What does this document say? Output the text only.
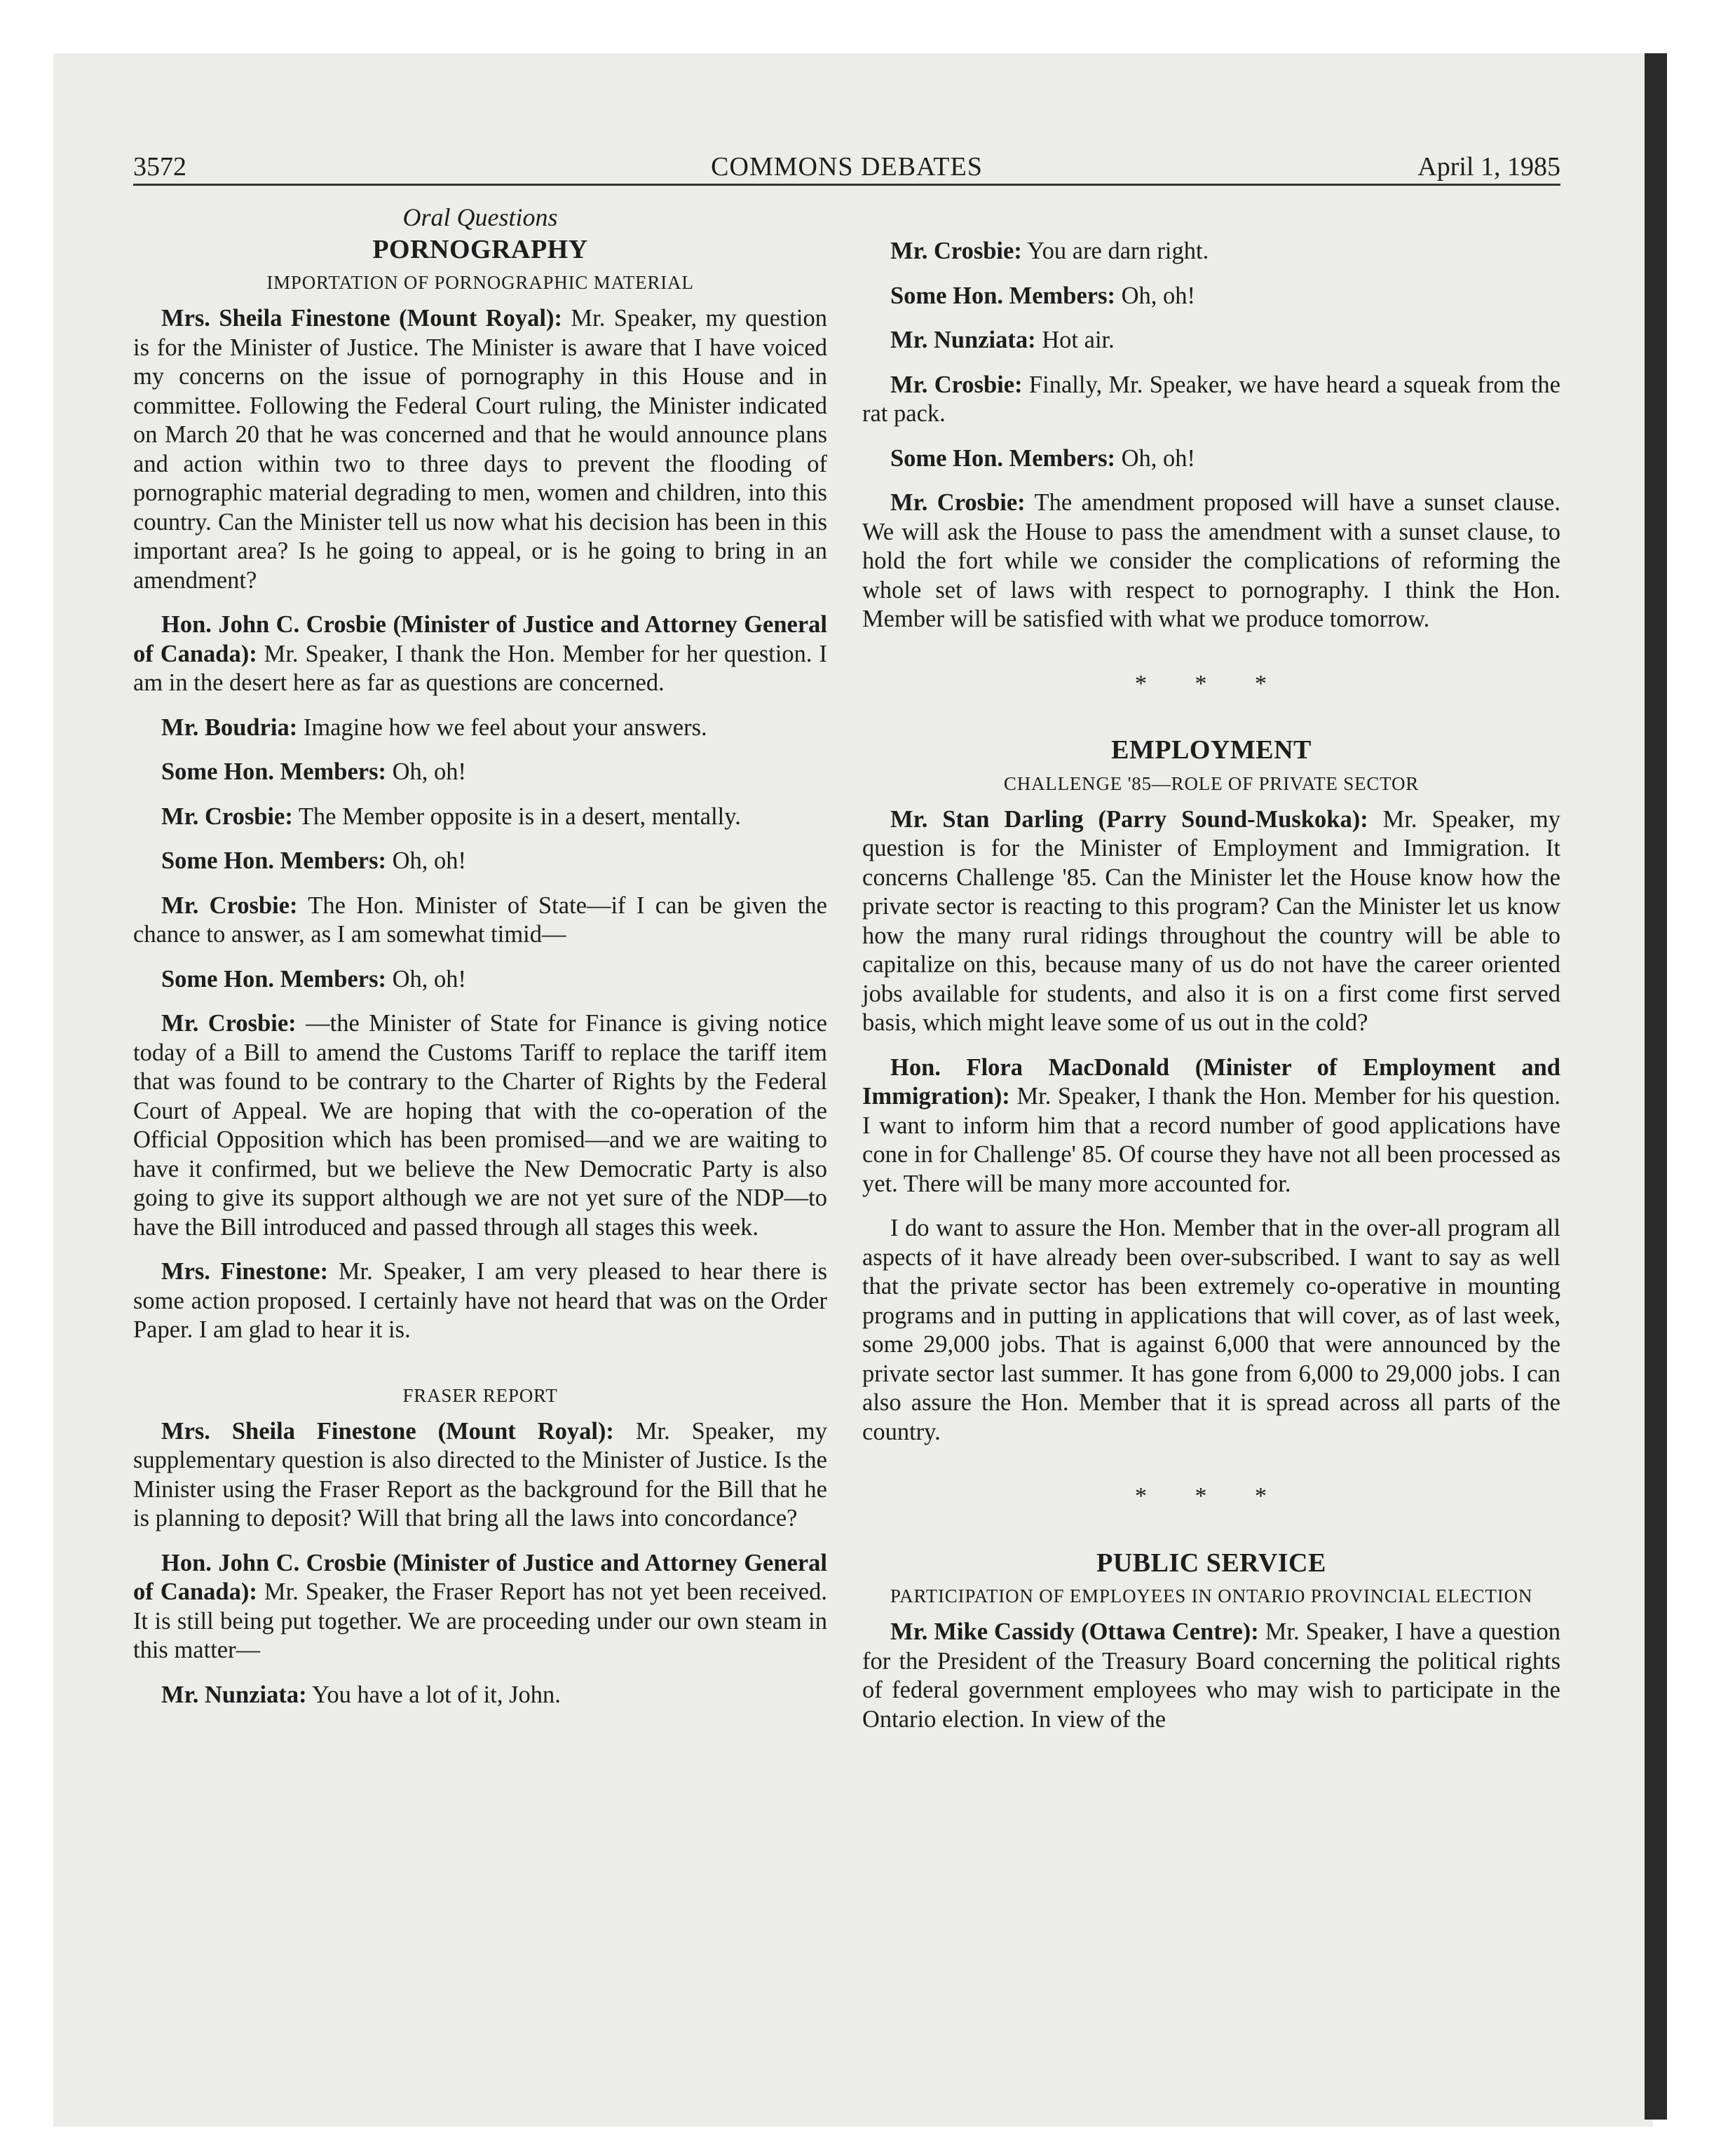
3572	COMMONS DEBATES	April 1, 1985
Oral Questions
PORNOGRAPHY
IMPORTATION OF PORNOGRAPHIC MATERIAL

Mrs. Sheila Finestone (Mount Royal): Mr. Speaker, my question is for the Minister of Justice. The Minister is aware that I have voiced my concerns on the issue of pornography in this House and in committee. Following the Federal Court ruling, the Minister indicated on March 20 that he was concerned and that he would announce plans and action within two to three days to prevent the flooding of pornographic material degrading to men, women and children, into this country. Can the Minister tell us now what his decision has been in this important area? Is he going to appeal, or is he going to bring in an amendment?

Hon. John C. Crosbie (Minister of Justice and Attorney General of Canada): Mr. Speaker, I thank the Hon. Member for her question. I am in the desert here as far as questions are concerned.

Mr. Boudria: Imagine how we feel about your answers.

Some Hon. Members: Oh, oh!

Mr. Crosbie: The Member opposite is in a desert, mentally.

Some Hon. Members: Oh, oh!

Mr. Crosbie: The Hon. Minister of State—if I can be given the chance to answer, as I am somewhat timid—

Some Hon. Members: Oh, oh!

Mr. Crosbie: —the Minister of State for Finance is giving notice today of a Bill to amend the Customs Tariff to replace the tariff item that was found to be contrary to the Charter of Rights by the Federal Court of Appeal. We are hoping that with the co-operation of the Official Opposition which has been promised—and we are waiting to have it confirmed, but we believe the New Democratic Party is also going to give its support although we are not yet sure of the NDP—to have the Bill introduced and passed through all stages this week.

Mrs. Finestone: Mr. Speaker, I am very pleased to hear there is some action proposed. I certainly have not heard that was on the Order Paper. I am glad to hear it is.

FRASER REPORT

Mrs. Sheila Finestone (Mount Royal): Mr. Speaker, my supplementary question is also directed to the Minister of Justice. Is the Minister using the Fraser Report as the background for the Bill that he is planning to deposit? Will that bring all the laws into concordance?

Hon. John C. Crosbie (Minister of Justice and Attorney General of Canada): Mr. Speaker, the Fraser Report has not yet been received. It is still being put together. We are proceeding under our own steam in this matter—

Mr. Nunziata: You have a lot of it, John.

Mr. Crosbie: You are darn right.

Some Hon. Members: Oh, oh!

Mr. Nunziata: Hot air.

Mr. Crosbie: Finally, Mr. Speaker, we have heard a squeak from the rat pack.

Some Hon. Members: Oh, oh!

Mr. Crosbie: The amendment proposed will have a sunset clause. We will ask the House to pass the amendment with a sunset clause, to hold the fort while we consider the complications of reforming the whole set of laws with respect to pornography. I think the Hon. Member will be satisfied with what we produce tomorrow.

* * *
EMPLOYMENT
CHALLENGE '85—ROLE OF PRIVATE SECTOR

Mr. Stan Darling (Parry Sound-Muskoka): Mr. Speaker, my question is for the Minister of Employment and Immigration. It concerns Challenge '85. Can the Minister let the House know how the private sector is reacting to this program? Can the Minister let us know how the many rural ridings throughout the country will be able to capitalize on this, because many of us do not have the career oriented jobs available for students, and also it is on a first come first served basis, which might leave some of us out in the cold?

Hon. Flora MacDonald (Minister of Employment and Immigration): Mr. Speaker, I thank the Hon. Member for his question. I want to inform him that a record number of good applications have cone in for Challenge' 85. Of course they have not all been processed as yet. There will be many more accounted for.

I do want to assure the Hon. Member that in the over-all program all aspects of it have already been over-subscribed. I want to say as well that the private sector has been extremely co-operative in mounting programs and in putting in applications that will cover, as of last week, some 29,000 jobs. That is against 6,000 that were announced by the private sector last summer. It has gone from 6,000 to 29,000 jobs. I can also assure the Hon. Member that it is spread across all parts of the country.

* * *
PUBLIC SERVICE
PARTICIPATION OF EMPLOYEES IN ONTARIO PROVINCIAL ELECTION

Mr. Mike Cassidy (Ottawa Centre): Mr. Speaker, I have a question for the President of the Treasury Board concerning the political rights of federal government employees who may wish to participate in the Ontario election. In view of the
